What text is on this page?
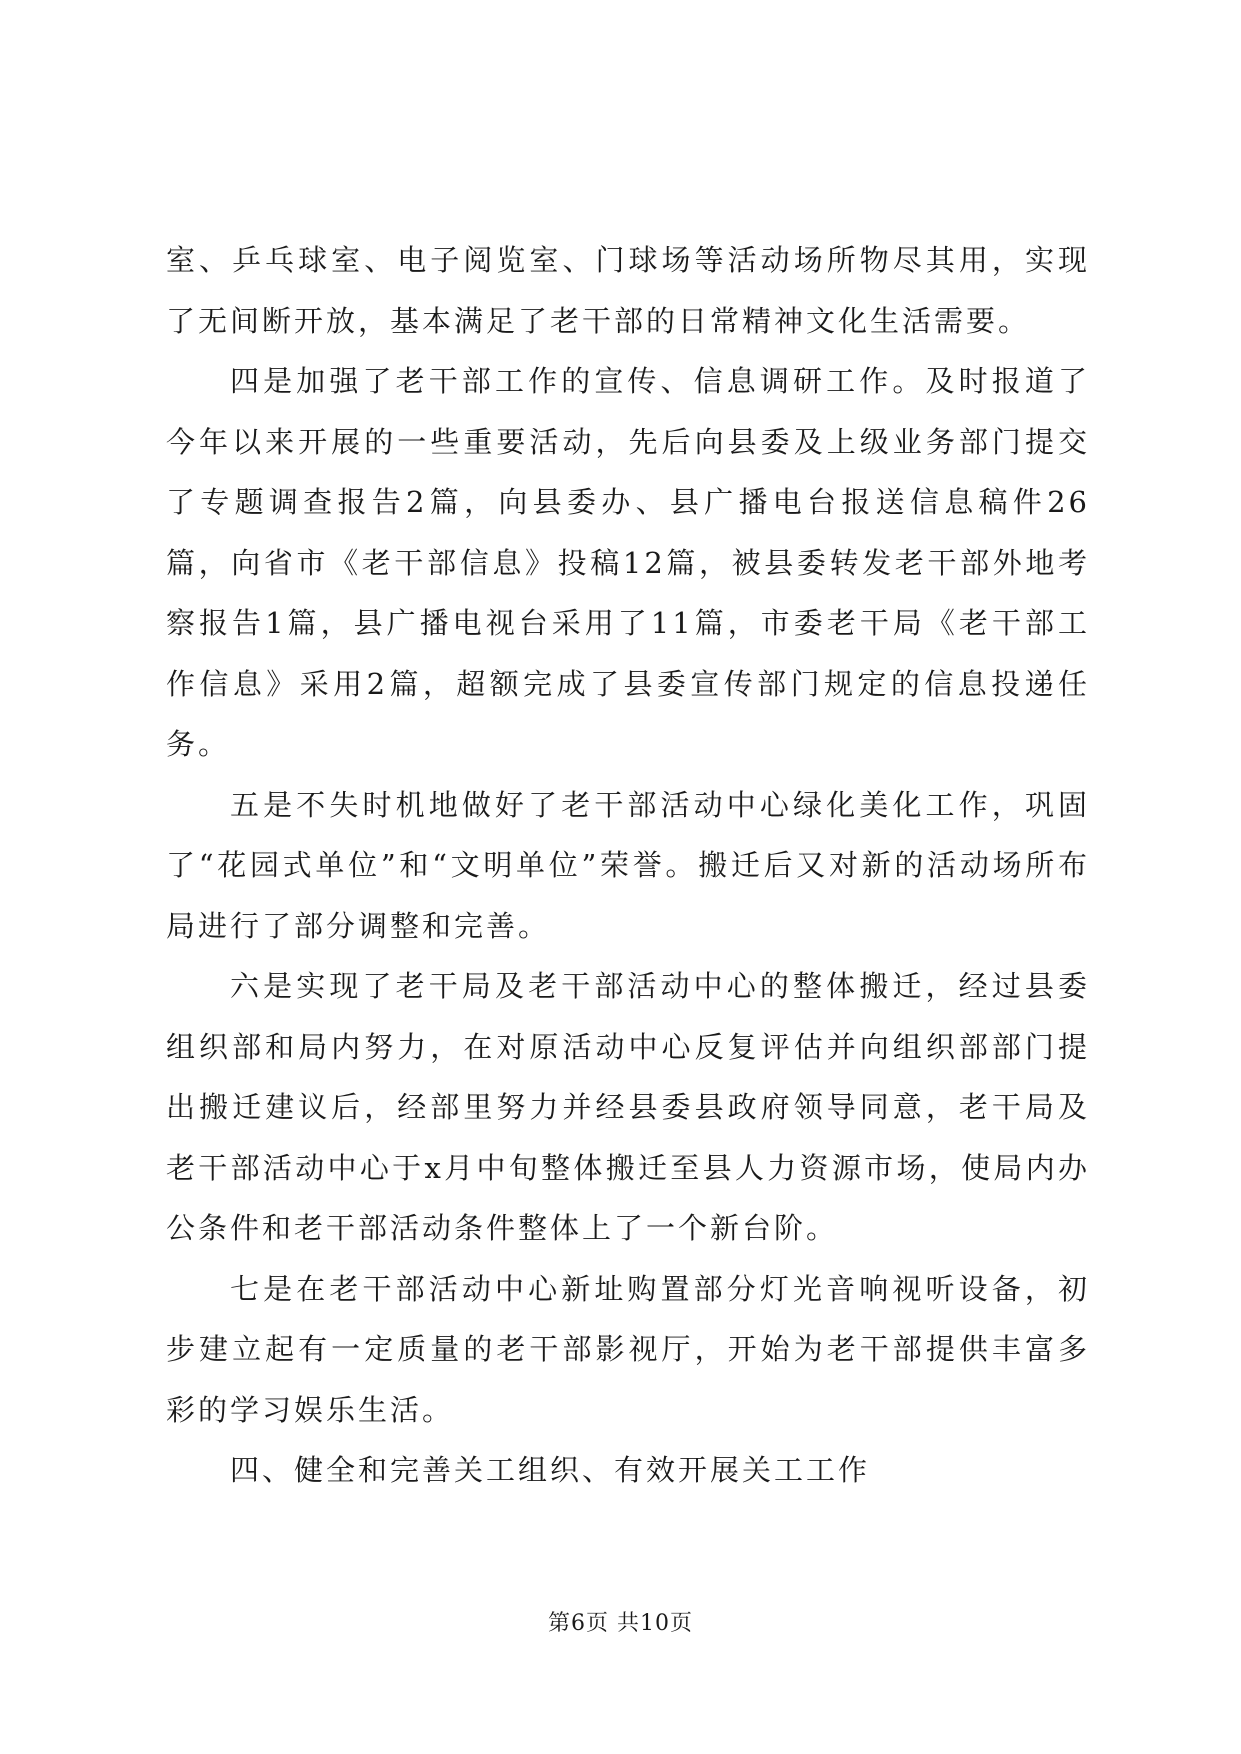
室、乒乓球室、电子阅览室、门球场等活动场所物尽其用，实现了无间断开放，基本满足了老干部的日常精神文化生活需要。

四是加强了老干部工作的宣传、信息调研工作。及时报道了今年以来开展的一些重要活动，先后向县委及上级业务部门提交了专题调查报告2篇，向县委办、县广播电台报送信息稿件26篇，向省市《老干部信息》投稿12篇，被县委转发老干部外地考察报告1篇，县广播电视台采用了11篇，市委老干局《老干部工作信息》采用2篇，超额完成了县委宣传部门规定的信息投递任务。

五是不失时机地做好了老干部活动中心绿化美化工作，巩固了“花园式单位”和“文明单位”荣誉。搬迁后又对新的活动场所布局进行了部分调整和完善。

六是实现了老干局及老干部活动中心的整体搬迁，经过县委组织部和局内努力，在对原活动中心反复评估并向组织部部门提出搬迁建议后，经部里努力并经县委县政府领导同意，老干局及老干部活动中心于x月中旬整体搬迁至县人力资源市场，使局内办公条件和老干部活动条件整体上了一个新台阶。

七是在老干部活动中心新址购置部分灯光音响视听设备，初步建立起有一定质量的老干部影视厅，开始为老干部提供丰富多彩的学习娱乐生活。

四、健全和完善关工组织、有效开展关工工作

第6页 共10页
